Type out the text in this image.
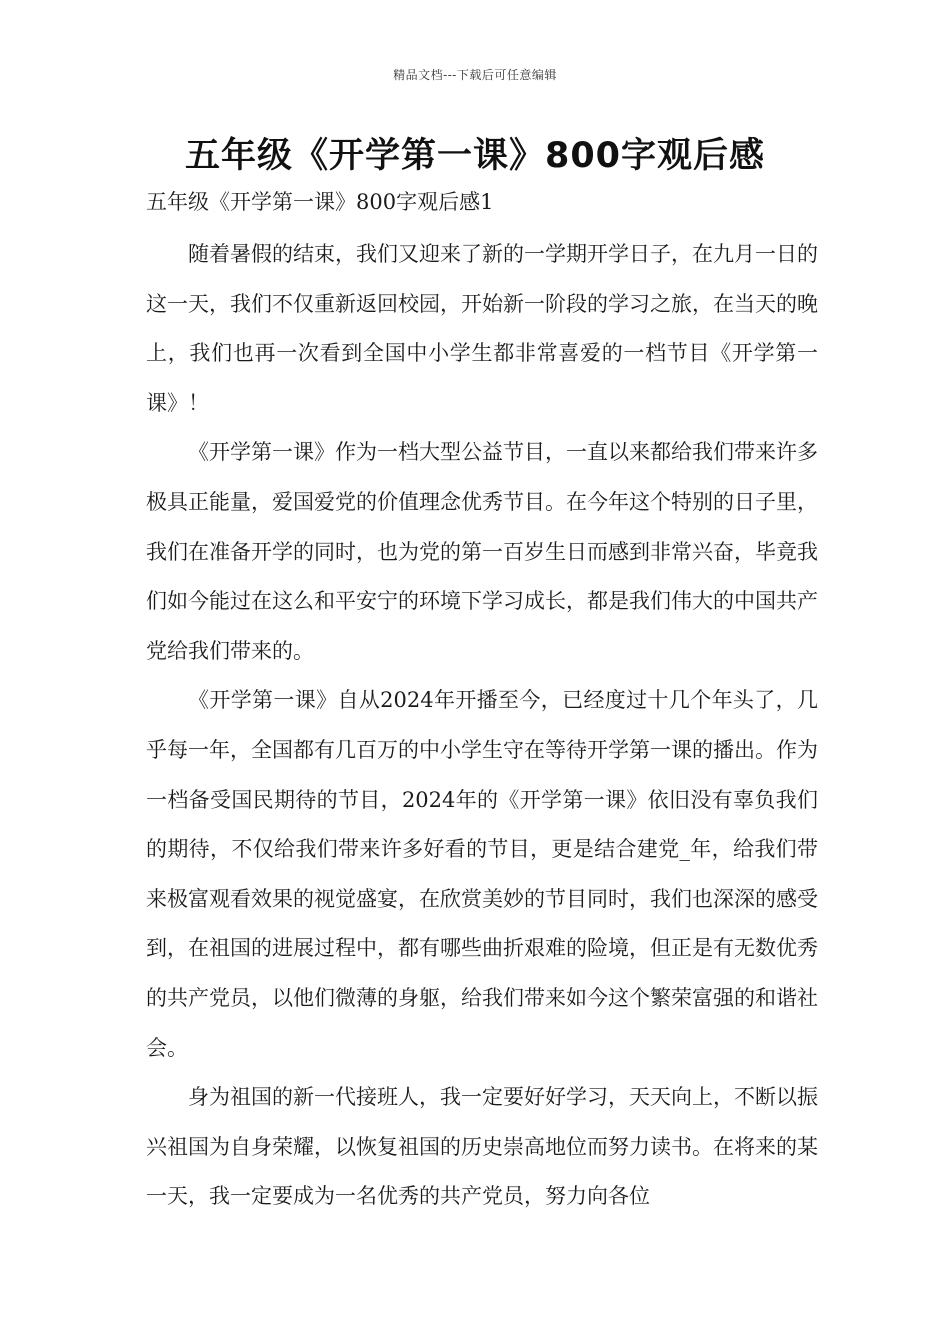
精品文档---下载后可任意编辑
五年级《开学第一课》800字观后感
五年级《开学第一课》800字观后感1

随着暑假的结束，我们又迎来了新的一学期开学日子，在九月一日的这一天，我们不仅重新返回校园，开始新一阶段的学习之旅，在当天的晚上，我们也再一次看到全国中小学生都非常喜爱的一档节目《开学第一课》！

《开学第一课》作为一档大型公益节目，一直以来都给我们带来许多极具正能量，爱国爱党的价值理念优秀节目。在今年这个特别的日子里，我们在准备开学的同时，也为党的第一百岁生日而感到非常兴奋，毕竟我们如今能过在这么和平安宁的环境下学习成长，都是我们伟大的中国共产党给我们带来的。

《开学第一课》自从2024年开播至今，已经度过十几个年头了，几乎每一年，全国都有几百万的中小学生守在等待开学第一课的播出。作为一档备受国民期待的节目，2024年的《开学第一课》依旧没有辜负我们的期待，不仅给我们带来许多好看的节目，更是结合建党_年，给我们带来极富观看效果的视觉盛宴，在欣赏美妙的节目同时，我们也深深的感受到，在祖国的进展过程中，都有哪些曲折艰难的险境，但正是有无数优秀的共产党员，以他们微薄的身躯，给我们带来如今这个繁荣富强的和谐社会。

身为祖国的新一代接班人，我一定要好好学习，天天向上，不断以振兴祖国为自身荣耀，以恢复祖国的历史崇高地位而努力读书。在将来的某一天，我一定要成为一名优秀的共产党员，努力向各位
